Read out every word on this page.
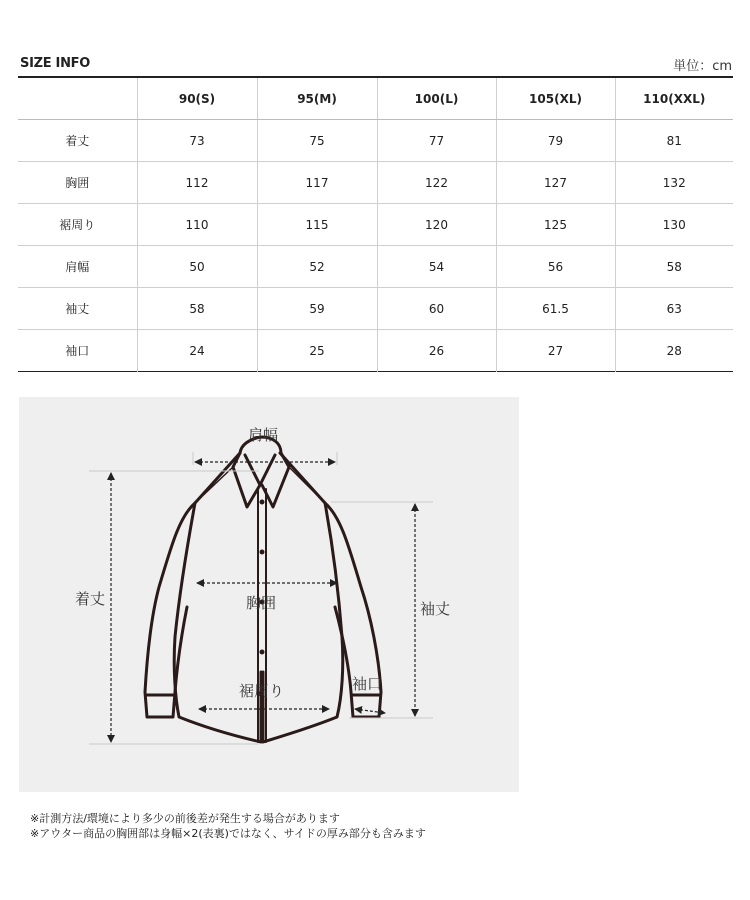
SIZE INFO	単位：cm
	90(S)	95(M)	100(L)	105(XL)	110(XXL)
着丈	73	75	77	79	81
胸囲	112	117	122	127	132
裾周り	110	115	120	125	130
肩幅	50	52	54	56	58
袖丈	58	59	60	61.5	63
袖口	24	25	26	27	28
肩幅
着丈	胸囲
裾周り
袖丈
袖口
※計測方法/環境により多少の前後差が発生する場合があります
※アウター商品の胸囲部は身幅×2(表裏)ではなく、サイドの厚み部分も含みます
